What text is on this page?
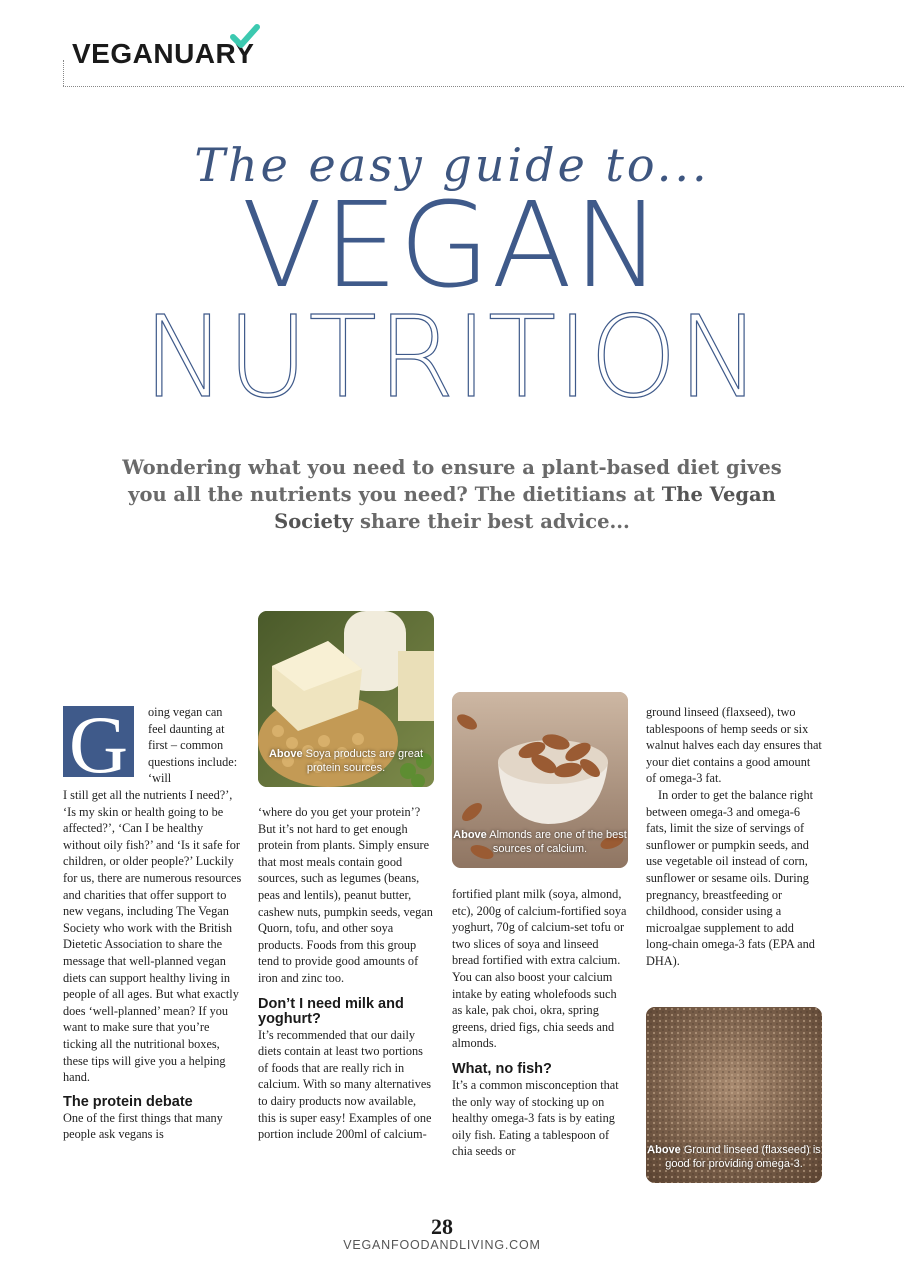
VEGANUARY
The easy guide to...
VEGAN
NUTRITION
Wondering what you need to ensure a plant-based diet gives you all the nutrients you need? The dietitians at The Vegan Society share their best advice...
G	oing vegan can feel daunting at first – common questions include: ‘will

I still get all the nutrients I need?’, ‘Is my skin or health going to be affected?’, ‘Can I be healthy without oily fish?’ and ‘Is it safe for children, or older people?’ Luckily for us, there are numerous resources and charities that offer support to new vegans, including The Vegan Society who work with the British Dietetic Association to share the message that well-planned vegan diets can support healthy living in people of all ages. But what exactly does ‘well-planned’ mean? If you want to make sure that you’re ticking all the nutritional boxes, these tips will give you a helping hand.

The protein debate

One of the first things that many people ask vegans is

Above Soya products are great protein sources.

‘where do you get your protein’? But it’s not hard to get enough protein from plants. Simply ensure that most meals contain good sources, such as legumes (beans, peas and lentils), peanut butter, cashew nuts, pumpkin seeds, vegan Quorn, tofu, and other soya products. Foods from this group tend to provide good amounts of iron and zinc too.

Don’t I need milk and yoghurt?

It’s recommended that our daily diets contain at least two portions of foods that are really rich in calcium. With so many alternatives to dairy products now available, this is super easy! Examples of one portion include 200ml of calcium-

Above Almonds are one of the best sources of calcium.

fortified plant milk (soya, almond, etc), 200g of calcium-fortified soya yoghurt, 70g of calcium-set tofu or two slices of soya and linseed bread fortified with extra calcium. You can also boost your calcium intake by eating wholefoods such as kale, pak choi, okra, spring greens, dried figs, chia seeds and almonds.

What, no fish?

It’s a common misconception that the only way of stocking up on healthy omega-3 fats is by eating oily fish. Eating a tablespoon of chia seeds or

ground linseed (flaxseed), two tablespoons of hemp seeds or six walnut halves each day ensures that your diet contains a good amount of omega-3 fat.

In order to get the balance right between omega-3 and omega-6 fats, limit the size of servings of sunflower or pumpkin seeds, and use vegetable oil instead of corn, sunflower or sesame oils. During pregnancy, breastfeeding or childhood, consider using a microalgae supplement to add long-chain omega-3 fats (EPA and DHA).

Above Ground linseed (flaxseed) is good for providing omega-3.
28
VEGANFOODANDLIVING.COM
